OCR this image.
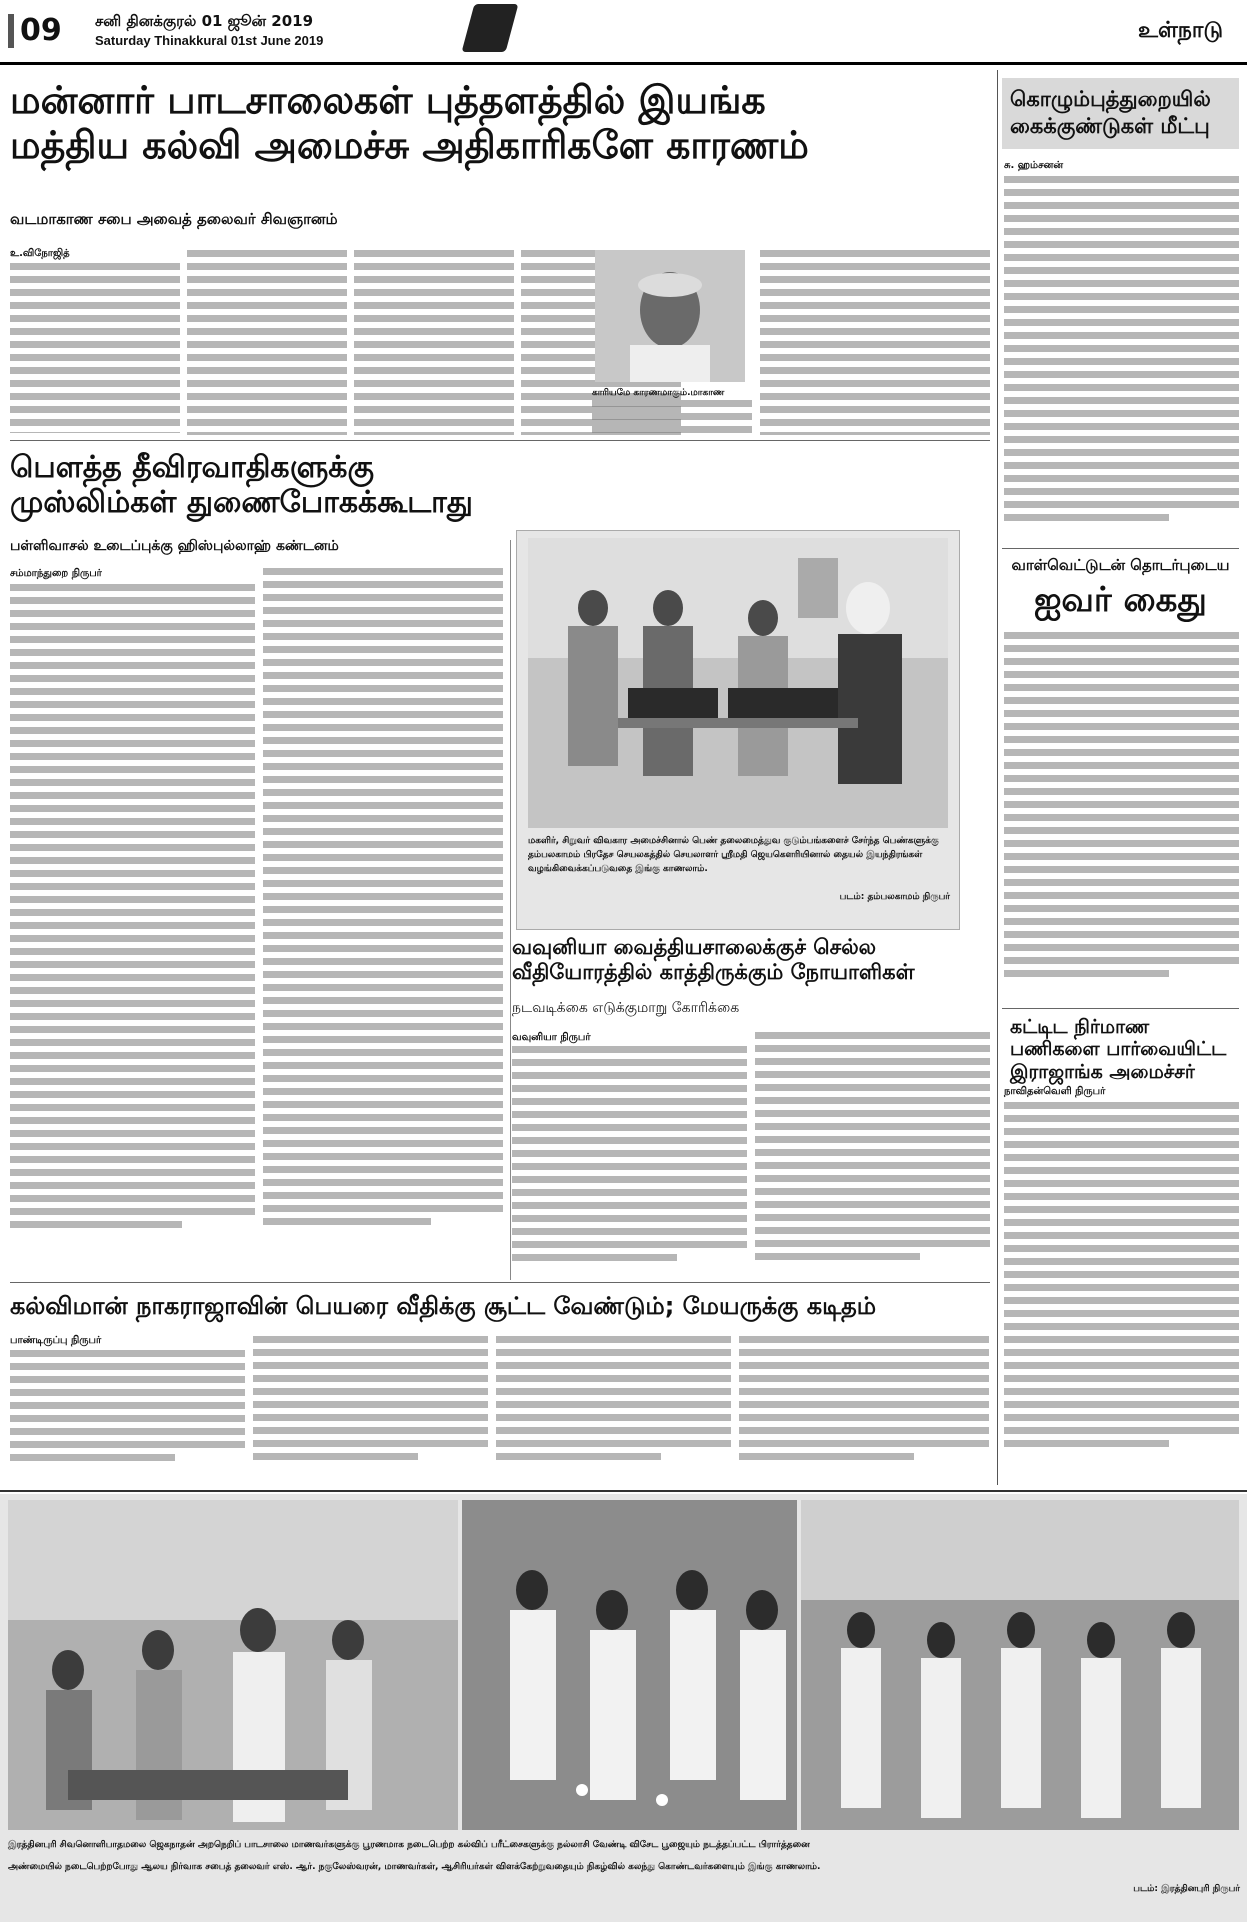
09 சனி தினக்குரல் 01 ஜூன் 2019
Saturday Thinakkural 01st June 2019	உள்நாடு
மன்னார் பாடசாலைகள் புத்தளத்தில் இயங்க
மத்திய கல்வி அமைச்சு அதிகாரிகளே காரணம்
வடமாகாண சபை அவைத் தலைவர் சிவஞானம்
உ.விநோஜித்
காரியமே காரணமாகும்.மாகாண
பௌத்த தீவிரவாதிகளுக்கு
முஸ்லிம்கள் துணைபோகக்கூடாது
பள்ளிவாசல் உடைப்புக்கு ஹிஸ்புல்லாஹ் கண்டனம்
சம்மாந்துறை நிருபர்
மகளிர், சிறுவர் விவகார அமைச்சினால் பெண் தலைமைத்துவ குடும்பங்களைச் சேர்ந்த பெண்களுக்கு தம்பலகாமம் பிரதேச செயலகத்தில் செயலாளர் ஸ்ரீமதி ஜெயகௌரியினால் தையல் இயந்திரங்கள் வழங்கிவைக்கப்படுவதை இங்கு காணலாம்.
படம்: தம்பலகாமம் நிருபர்
வவுனியா வைத்தியசாலைக்குச் செல்ல
வீதியோரத்தில் காத்திருக்கும் நோயாளிகள்
நடவடிக்கை எடுக்குமாறு கோரிக்கை
வவுனியா நிருபர்
கல்விமான் நாகராஜாவின் பெயரை வீதிக்கு சூட்ட வேண்டும்; மேயருக்கு கடிதம்
பாண்டிருப்பு நிருபர்
கொழும்புத்துறையில் கைக்குண்டுகள் மீட்பு
சு. ஹம்சனன்
வாள்வெட்டுடன் தொடர்புடைய
ஐவர் கைது
கட்டிட நிர்மாண பணிகளை பார்வையிட்ட இராஜாங்க அமைச்சர்
நாவிதன்வெளி நிருபர்
இரத்தினபுரி சிவனொளிபாதமலை ஜெகநாதன் அறநெறிப் பாடசாலை மாணவர்களுக்கு பூரணமாக நடைபெற்ற கல்விப் பரீட்சைகளுக்கு நல்லாசி வேண்டி விசேட பூஜையும் நடத்தப்பட்ட பிரார்த்தனை
அண்மையில் நடைபெற்றபோது ஆலய நிர்வாக சபைத் தலைவர் எஸ். ஆர். நகுலேஸ்வரன், மாணவர்கள், ஆசிரியர்கள் விளக்கேற்றுவதையும் நிகழ்வில் கலந்து கொண்டவர்களையும் இங்கு காணலாம்.
படம்: இரத்தினபுரி நிருபர்
